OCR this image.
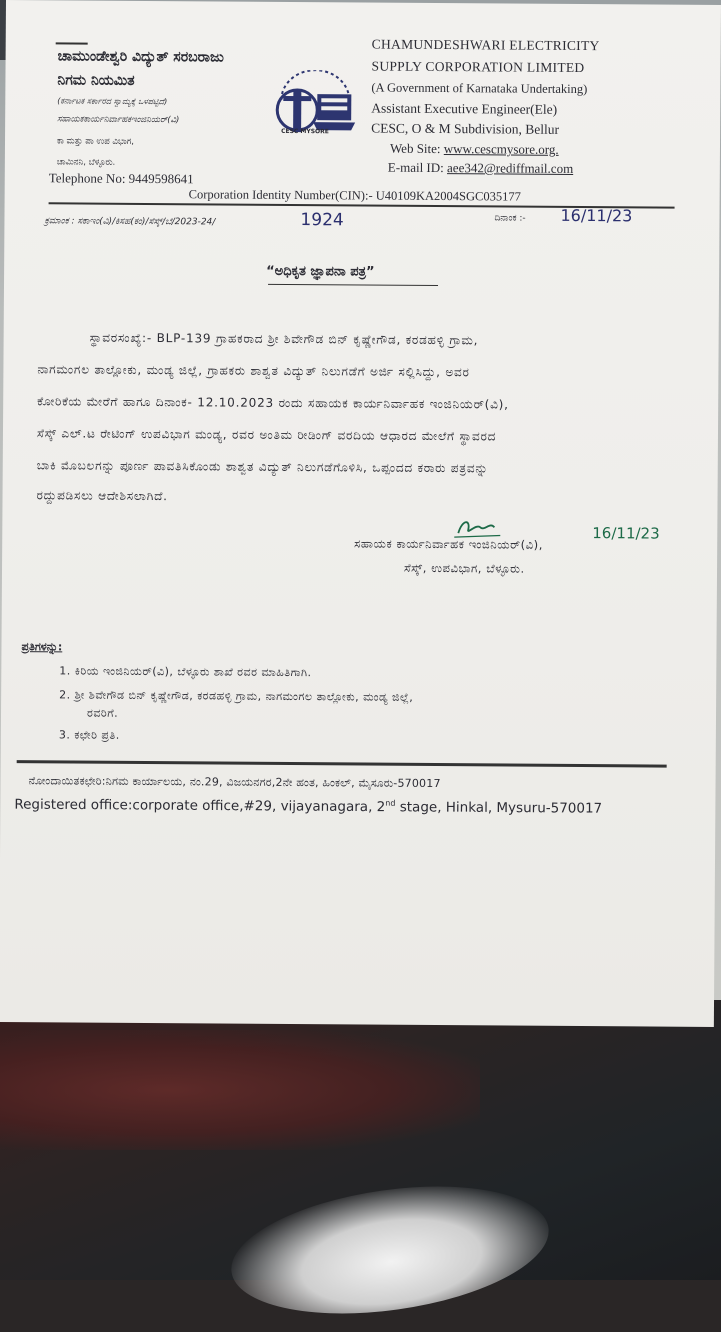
ಚಾಮುಂಡೇಶ್ವರಿ ವಿದ್ಯುತ್ ಸರಬರಾಜು
ನಿಗಮ ನಿಯಮಿತ
(ಕರ್ನಾಟಕ ಸರ್ಕಾರದ ಸ್ವಾಮ್ಯಕ್ಕೆ ಒಳಪಟ್ಟಿದೆ)
ಸಹಾಯಕಕಾರ್ಯನಿರ್ವಾಹಕಇಂಜಿನಿಯರ್(ವಿ)
ಕಾ ಮತ್ತು ಪಾ ಉಪ ವಿಭಾಗ,
ಚಾಮಿನನಿ, ಬೆಳ್ಳೂರು.
Telephone No: 9449598641
CESC MYSORE
CHAMUNDESHWARI ELECTRICITY
SUPPLY CORPORATION LIMITED
(A Government of Karnataka Undertaking)
Assistant Executive Engineer(Ele)
CESC, O & M Subdivision, Bellur
Web Site: www.cescmysore.org.
E-mail ID: aee342@rediffmail.com
Corporation Identity Number(CIN):- U40109KA2004SGC035177
ಕ್ರಮಾಂಕ : ಸಕಾಇಂ(ವಿ)/ಕಿಸಹ(ಕಂ)/ಸೆಸ್ಕ್/ಬೆ/2023-24/	1924	ದಿನಾಂಕ :- 16/11/23
“ಅಧಿಕೃತ ಜ್ಞಾಪನಾ ಪತ್ರ”
ಸ್ಥಾವರಸಂಖ್ಯೆ:- BLP-139 ಗ್ರಾಹಕರಾದ ಶ್ರೀ ಶಿವೇಗೌಡ ಬಿನ್ ಕೃಷ್ಣೇಗೌಡ, ಕರಡಹಳ್ಳಿ ಗ್ರಾಮ,
ನಾಗಮಂಗಲ ತಾಲ್ಲೋಕು, ಮಂಡ್ಯ ಜಿಲ್ಲೆ, ಗ್ರಾಹಕರು ಶಾಶ್ವತ ವಿದ್ಯುತ್ ನಿಲುಗಡೆಗೆ ಅರ್ಜಿ ಸಲ್ಲಿಸಿದ್ದು, ಅವರ
ಕೋರಿಕೆಯ ಮೇರೆಗೆ ಹಾಗೂ ದಿನಾಂಕ- 12.10.2023 ರಂದು ಸಹಾಯಕ ಕಾರ್ಯನಿರ್ವಾಹಕ ಇಂಜಿನಿಯರ್(ವಿ),
ಸೆಸ್ಕ್ ಎಲ್.ಟ ರೇಟಿಂಗ್ ಉಪವಿಭಾಗ ಮಂಡ್ಯ, ರವರ ಅಂತಿಮ ರೀಡಿಂಗ್ ವರದಿಯ ಆಧಾರದ ಮೇಲೆಗೆ ಸ್ಥಾವರದ
ಬಾಕಿ ಮೊಬಲಗನ್ನು ಪೂರ್ಣ ಪಾವತಿಸಿಕೊಂಡು ಶಾಶ್ವತ ವಿದ್ಯುತ್ ನಿಲುಗಡೆಗೊಳಿಸಿ, ಒಪ್ಪಂದದ ಕರಾರು ಪತ್ರವನ್ನು
ರದ್ದುಪಡಿಸಲು ಆದೇಶಿಸಲಾಗಿದೆ.
ಸಹಾಯಕ ಕಾರ್ಯನಿರ್ವಾಹಕ ಇಂಜಿನಿಯರ್(ವಿ),
16/11/23
ಸೆಸ್ಕ್, ಉಪವಿಭಾಗ, ಬೆಳ್ಳೂರು.
ಪ್ರತಿಗಳನ್ನು:
1. ಕಿರಿಯ ಇಂಜಿನಿಯರ್(ವಿ), ಬೆಳ್ಳೂರು ಶಾಖೆ ರವರ ಮಾಹಿತಿಗಾಗಿ.
2. ಶ್ರೀ ಶಿವೇಗೌಡ ಬಿನ್ ಕೃಷ್ಣೇಗೌಡ, ಕರಡಹಳ್ಳಿ ಗ್ರಾಮ, ನಾಗಮಂಗಲ ತಾಲ್ಲೋಕು, ಮಂಡ್ಯ ಜಿಲ್ಲೆ,
ರವರಿಗೆ.
3. ಕಛೇರಿ ಪ್ರತಿ.
ನೋಂದಾಯಿತಕಛೇರಿ:ನಿಗಮ ಕಾರ್ಯಾಲಯ, ನಂ.29, ವಿಜಯನಗರ,2ನೇ ಹಂತ, ಹಿಂಕಲ್, ಮೈಸೂರು-570017
Registered office:corporate office,#29, vijayanagara, 2nd stage, Hinkal, Mysuru-570017
